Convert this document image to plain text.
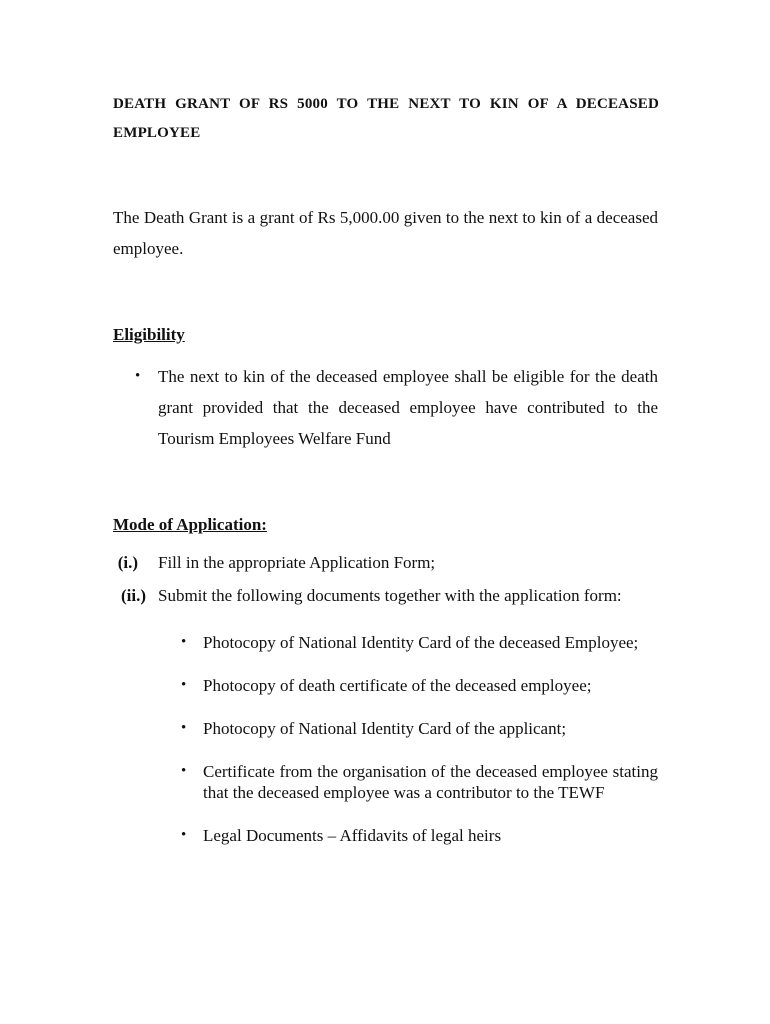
DEATH GRANT OF RS 5000 TO THE NEXT TO KIN OF A DECEASED EMPLOYEE

The Death Grant is a grant of Rs 5,000.00 given to the next to kin of a deceased employee.

Eligibility
• The next to kin of the deceased employee shall be eligible for the death grant provided that the deceased employee have contributed to the Tourism Employees Welfare Fund
Mode of Application:
(i.) Fill in the appropriate Application Form;
(ii.) Submit the following documents together with the application form:
• Photocopy of National Identity Card of the deceased Employee;
• Photocopy of death certificate of the deceased employee;
• Photocopy of National Identity Card of the applicant;
• Certificate from the organisation of the deceased employee stating that the deceased employee was a contributor to the TEWF
• Legal Documents – Affidavits of legal heirs
